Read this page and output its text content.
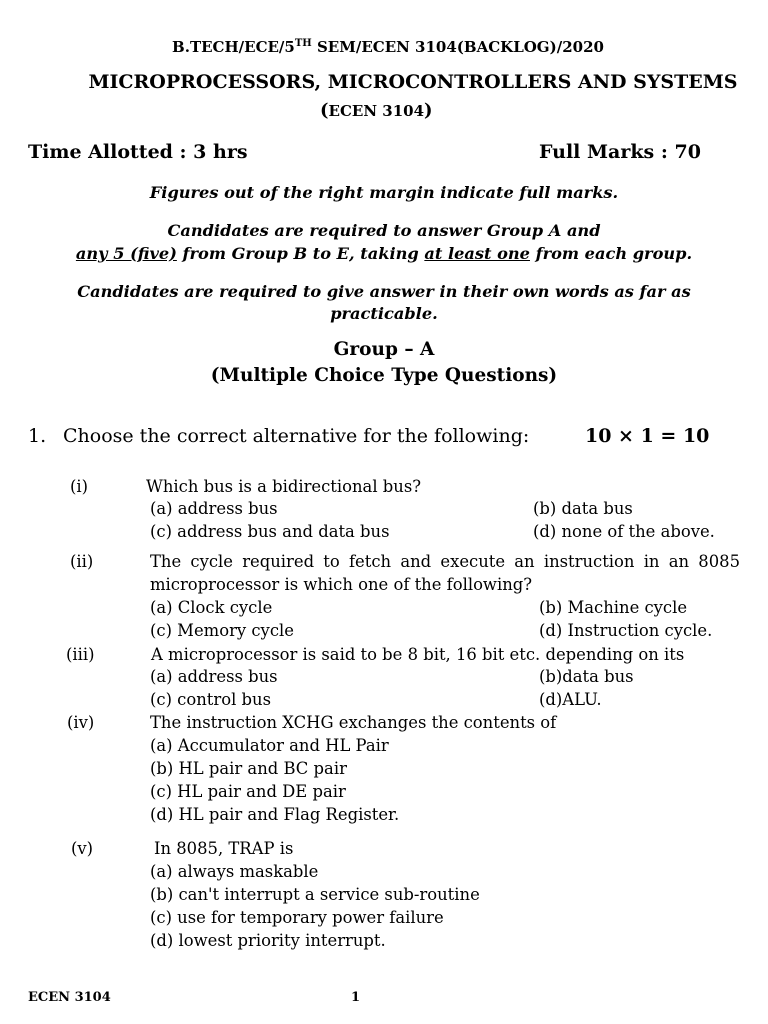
B.TECH/ECE/5TH SEM/ECEN 3104(BACKLOG)/2020
MICROPROCESSORS, MICROCONTROLLERS AND SYSTEMS
(ECEN 3104)
Time Allotted : 3 hrs	Full Marks : 70
Figures out of the right margin indicate full marks.
Candidates are required to answer Group A and
any 5 (five) from Group B to E, taking at least one from each group.
Candidates are required to give answer in their own words as far as
practicable.
Group – A
(Multiple Choice Type Questions)
1. Choose the correct alternative for the following:	10 × 1 = 10
(i)	Which bus is a bidirectional bus?
(a) address bus	(b) data bus
(c) address bus and data bus	(d) none of the above.
(ii)	The cycle required to fetch and execute an instruction in an 8085
microprocessor is which one of the following?
(a) Clock cycle	(b) Machine cycle
(c) Memory cycle	(d) Instruction cycle.
(iii)	A microprocessor is said to be 8 bit, 16 bit etc. depending on its
(a) address bus	(b)data bus
(c) control bus	(d)ALU.
(iv)	The instruction XCHG exchanges the contents of
(a) Accumulator and HL Pair
(b) HL pair and BC pair
(c) HL pair and DE pair
(d) HL pair and Flag Register.
(v)	In 8085, TRAP is
(a) always maskable
(b) can't interrupt a service sub-routine
(c) use for temporary power failure
(d) lowest priority interrupt.
ECEN 3104	1
